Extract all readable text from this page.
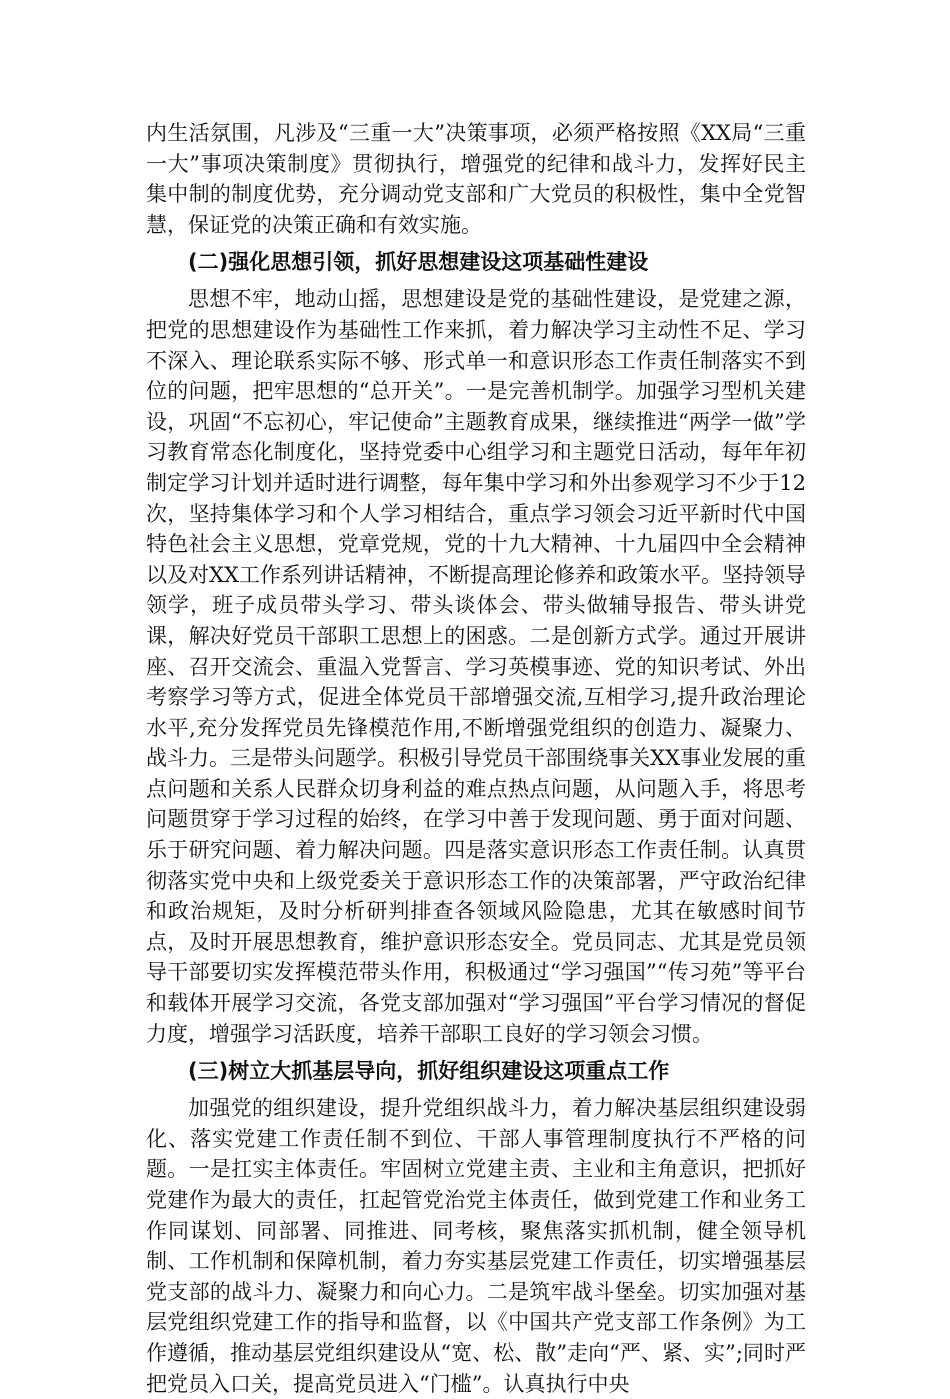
内生活氛围，凡涉及“三重一大”决策事项，必须严格按照《XX局“三重一大”事项决策制度》贯彻执行，增强党的纪律和战斗力，发挥好民主集中制的制度优势，充分调动党支部和广大党员的积极性，集中全党智慧，保证党的决策正确和有效实施。

(二)强化思想引领，抓好思想建设这项基础性建设

思想不牢，地动山摇，思想建设是党的基础性建设，是党建之源，把党的思想建设作为基础性工作来抓，着力解决学习主动性不足、学习不深入、理论联系实际不够、形式单一和意识形态工作责任制落实不到位的问题，把牢思想的“总开关”。一是完善机制学。加强学习型机关建设，巩固“不忘初心，牢记使命”主题教育成果，继续推进“两学一做”学习教育常态化制度化，坚持党委中心组学习和主题党日活动，每年年初制定学习计划并适时进行调整，每年集中学习和外出参观学习不少于12次，坚持集体学习和个人学习相结合，重点学习领会习近平新时代中国特色社会主义思想，党章党规，党的十九大精神、十九届四中全会精神以及对XX工作系列讲话精神，不断提高理论修养和政策水平。坚持领导领学，班子成员带头学习、带头谈体会、带头做辅导报告、带头讲党课，解决好党员干部职工思想上的困惑。二是创新方式学。通过开展讲座、召开交流会、重温入党誓言、学习英模事迹、党的知识考试、外出考察学习等方式，促进全体党员干部增强交流,互相学习,提升政治理论水平,充分发挥党员先锋模范作用,不断增强党组织的创造力、凝聚力、战斗力。三是带头问题学。积极引导党员干部围绕事关XX事业发展的重点问题和关系人民群众切身利益的难点热点问题，从问题入手，将思考问题贯穿于学习过程的始终，在学习中善于发现问题、勇于面对问题、乐于研究问题、着力解决问题。四是落实意识形态工作责任制。认真贯彻落实党中央和上级党委关于意识形态工作的决策部署，严守政治纪律和政治规矩，及时分析研判排查各领域风险隐患，尤其在敏感时间节点，及时开展思想教育，维护意识形态安全。党员同志、尤其是党员领导干部要切实发挥模范带头作用，积极通过“学习强国”“传习苑”等平台和载体开展学习交流，各党支部加强对“学习强国”平台学习情况的督促力度，增强学习活跃度，培养干部职工良好的学习领会习惯。

(三)树立大抓基层导向，抓好组织建设这项重点工作

加强党的组织建设，提升党组织战斗力，着力解决基层组织建设弱化、落实党建工作责任制不到位、干部人事管理制度执行不严格的问题。一是扛实主体责任。牢固树立党建主责、主业和主角意识，把抓好党建作为最大的责任，扛起管党治党主体责任，做到党建工作和业务工作同谋划、同部署、同推进、同考核，聚焦落实抓机制，健全领导机制、工作机制和保障机制，着力夯实基层党建工作责任，切实增强基层党支部的战斗力、凝聚力和向心力。二是筑牢战斗堡垒。切实加强对基层党组织党建工作的指导和监督，以《中国共产党支部工作条例》为工作遵循，推动基层党组织建设从“宽、松、散”走向“严、紧、实”;同时严把党员入口关，提高党员进入“门槛”。认真执行中央
